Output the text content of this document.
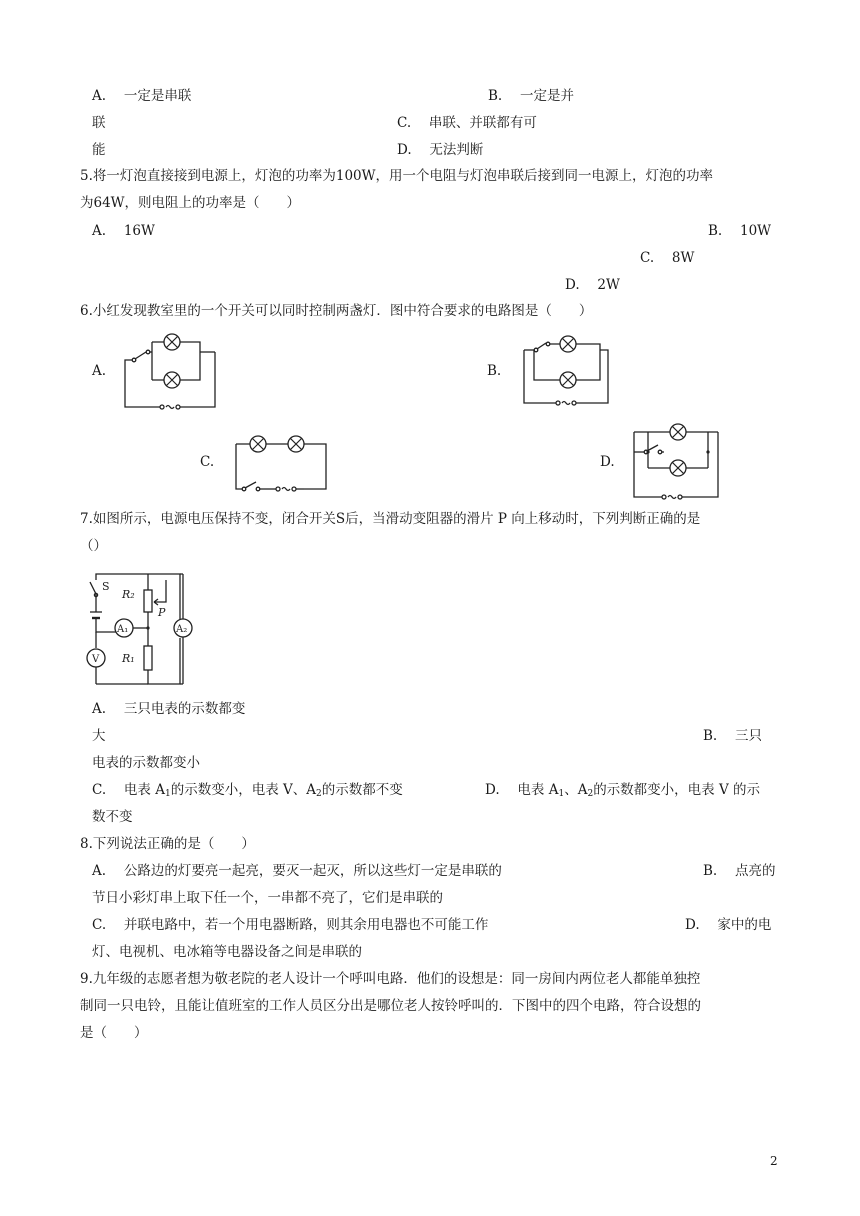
A.　 一定是串联	B.　 一定是并
联	C.　 串联、并联都有可
能	D.　 无法判断
5.将一灯泡直接接到电源上，灯泡的功率为100W，用一个电阻与灯泡串联后接到同一电源上，灯泡的功率
为64W，则电阻上的功率是（　　）
A.　 16W	B.　 10W
C.　 8W
D.　 2W
6.小红发现教室里的一个开关可以同时控制两盏灯．图中符合要求的电路图是（　　）
A.	B.
C.	D.
7.如图所示，电源电压保持不变，闭合开关S后，当滑动变阻器的滑片 P 向上移动时，下列判断正确的是
（）
S
A₁
R₂
P
R₁
V
A₂
A.　 三只电表的示数都变
大	B.　 三只
电表的示数都变小
C.　 电表 $A_1$的示数变小，电表 V、$A_2$的示数都不变	D.　 电表 $A_1$、$A_2$的示数都变小，电表 V 的示
数不变
8.下列说法正确的是（　　）
A.　 公路边的灯要亮一起亮，要灭一起灭，所以这些灯一定是串联的	B.　 点亮的
节日小彩灯串上取下任一个，一串都不亮了，它们是串联的
C.　 并联电路中，若一个用电器断路，则其余用电器也不可能工作	D.　 家中的电
灯、电视机、电冰箱等电器设备之间是串联的
9.九年级的志愿者想为敬老院的老人设计一个呼叫电路．他们的设想是：同一房间内两位老人都能单独控
制同一只电铃，且能让值班室的工作人员区分出是哪位老人按铃呼叫的．下图中的四个电路，符合设想的
是（　　）
2
